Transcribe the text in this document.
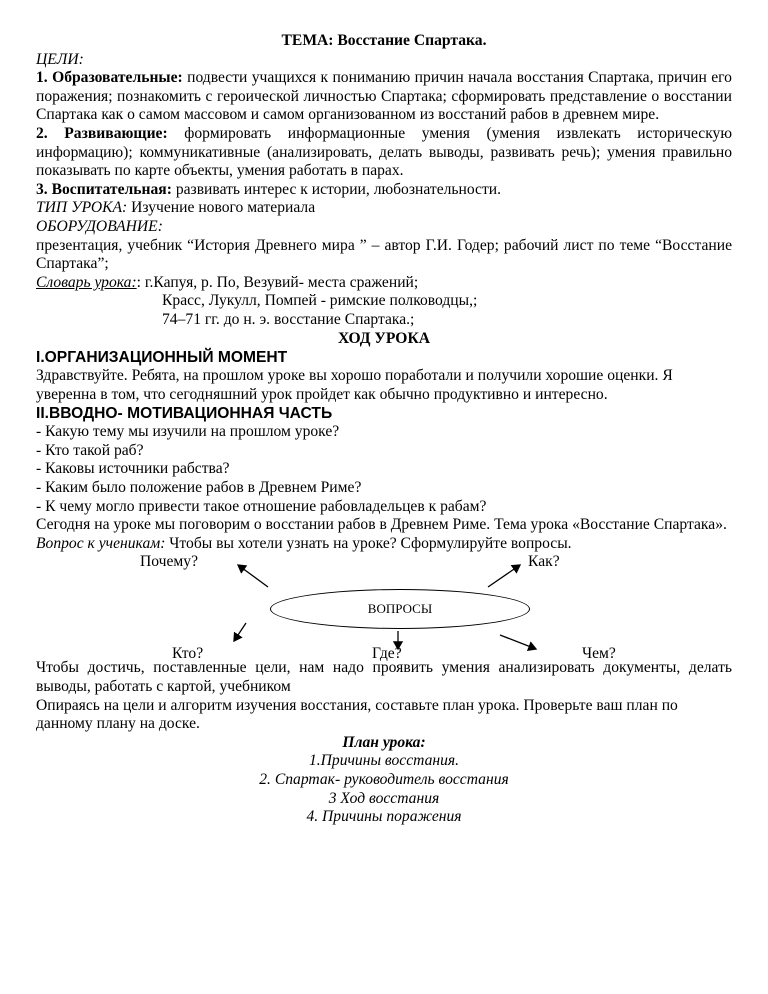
ТЕМА: Восстание Спартака.

ЦЕЛИ:

1. Образовательные: подвести учащихся к пониманию причин начала восстания Спартака, причин его поражения; познакомить с героической личностью Спартака; сформировать представление о восстании Спартака как о самом массовом и самом организованном из восстаний рабов в древнем мире.

2. Развивающие: формировать информационные умения (умения извлекать историческую информацию); коммуникативные (анализировать, делать выводы, развивать речь); умения правильно показывать по карте объекты, умения работать в парах.

3. Воспитательная: развивать интерес к истории, любознательности.

ТИП УРОКА: Изучение нового материала

ОБОРУДОВАНИЕ:

презентация, учебник “История Древнего мира ” – автор Г.И. Годер; рабочий лист по теме “Восстание Спартака”;

Словарь урока:: г.Капуя, р. По, Везувий- места сражений;

Красс, Лукулл, Помпей - римские полководцы,;

74–71 гг. до н. э. восстание Спартака.;

ХОД УРОКА

I.ОРГАНИЗАЦИОННЫЙ МОМЕНТ

Здравствуйте. Ребята, на прошлом уроке вы хорошо поработали и получили хорошие оценки. Я уверенна в том, что сегодняшний урок пройдет как обычно продуктивно и интересно.

II.ВВОДНО- МОТИВАЦИОННАЯ ЧАСТЬ

- Какую тему мы изучили на прошлом уроке?

- Кто такой раб?

- Каковы источники рабства?

- Каким было положение рабов в Древнем Риме?

- К чему могло привести такое отношение рабовладельцев к рабам?

Сегодня на уроке мы поговорим о восстании рабов в Древнем Риме. Тема урока «Восстание Спартака».

Вопрос к ученикам: Чтобы вы хотели узнать на уроке? Сформулируйте вопросы.

Почему?	Как?
ВОПРОСЫ
Кто?	Где?	Чем?

Чтобы достичь, поставленные цели, нам надо проявить умения анализировать документы, делать выводы, работать с картой, учебником

Опираясь на цели и алгоритм изучения восстания, составьте план урока. Проверьте ваш план по данному плану на доске.

План урока:

1.Причины восстания.

2. Спартак- руководитель восстания

3 Ход восстания

4. Причины поражения
